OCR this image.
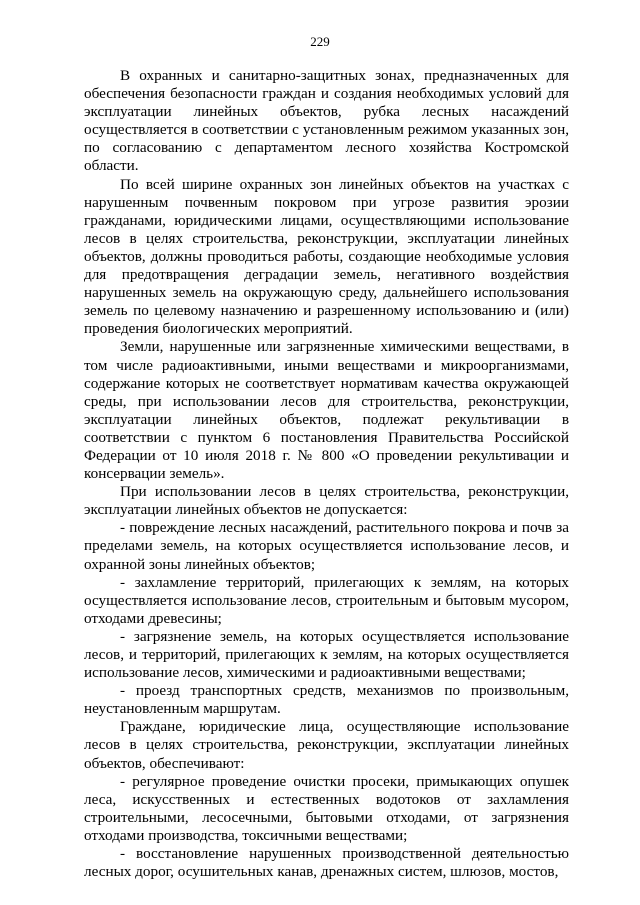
229

В охранных и санитарно-защитных зонах, предназначенных для обеспечения безопасности граждан и создания необходимых условий для эксплуатации линейных объектов, рубка лесных насаждений осуществляется в соответствии с установленным режимом указанных зон, по согласованию с департаментом лесного хозяйства Костромской области.

По всей ширине охранных зон линейных объектов на участках с нарушенным почвенным покровом при угрозе развития эрозии гражданами, юридическими лицами, осуществляющими использование лесов в целях строительства, реконструкции, эксплуатации линейных объектов, должны проводиться работы, создающие необходимые условия для предотвращения деградации земель, негативного воздействия нарушенных земель на окружающую среду, дальнейшего использования земель по целевому назначению и разрешенному использованию и (или) проведения биологических мероприятий.

Земли, нарушенные или загрязненные химическими веществами, в том числе радиоактивными, иными веществами и микроорганизмами, содержание которых не соответствует нормативам качества окружающей среды, при использовании лесов для строительства, реконструкции, эксплуатации линейных объектов, подлежат рекультивации в соответствии с пунктом 6 постановления Правительства Российской Федерации от 10 июля 2018 г. № 800 «О проведении рекультивации и консервации земель».

При использовании лесов в целях строительства, реконструкции, эксплуатации линейных объектов не допускается:

- повреждение лесных насаждений, растительного покрова и почв за пределами земель, на которых осуществляется использование лесов, и охранной зоны линейных объектов;

- захламление территорий, прилегающих к землям, на которых осуществляется использование лесов, строительным и бытовым мусором, отходами древесины;

- загрязнение земель, на которых осуществляется использование лесов, и территорий, прилегающих к землям, на которых осуществляется использование лесов, химическими и радиоактивными веществами;

- проезд транспортных средств, механизмов по произвольным, неустановленным маршрутам.

Граждане, юридические лица, осуществляющие использование лесов в целях строительства, реконструкции, эксплуатации линейных объектов, обеспечивают:

- регулярное проведение очистки просеки, примыкающих опушек леса, искусственных и естественных водотоков от захламления строительными, лесосечными, бытовыми отходами, от загрязнения отходами производства, токсичными веществами;

- восстановление нарушенных производственной деятельностью лесных дорог, осушительных канав, дренажных систем, шлюзов, мостов,
